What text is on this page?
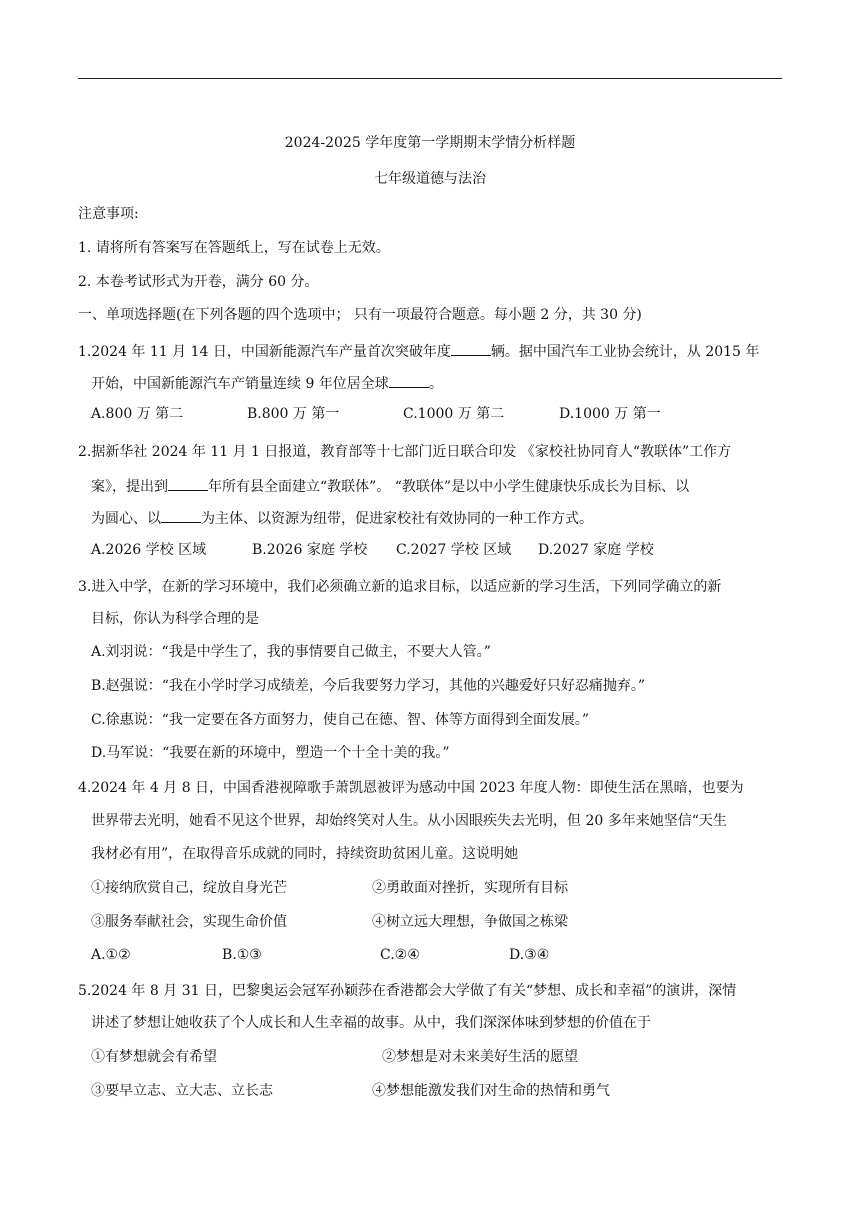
2024-2025 学年度第一学期期末学情分析样题
七年级道德与法治
注意事项:
1. 请将所有答案写在答题纸上，写在试卷上无效。
2. 本卷考试形式为开卷，满分 60 分。
一、单项选择题(在下列各题的四个选项中； 只有一项最符合题意。每小题 2 分，共 30 分)
1.2024 年 11 月 14 日，中国新能源汽车产量首次突破年度	辆。据中国汽车工业协会统计，从 2015 年
开始，中国新能源汽车产销量连续 9 年位居全球	。
A.800 万 第二	B.800 万 第一	C.1000 万 第二	D.1000 万 第一
2.据新华社 2024 年 11 月 1 日报道，教育部等十七部门近日联合印发 《家校社协同育人“教联体”工作方
案》，提出到	年所有县全面建立“教联体”。 “教联体”是以中小学生健康快乐成长为目标、以
为圆心、以	为主体、以资源为纽带，促进家校社有效协同的一种工作方式。
A.2026 学校 区域	B.2026 家庭 学校 C.2027 学校 区域 D.2027 家庭 学校
3.进入中学，在新的学习环境中，我们必须确立新的追求目标，以适应新的学习生活，下列同学确立的新
目标，你认为科学合理的是
A.刘羽说：“我是中学生了，我的事情要自己做主，不要大人管。”
B.赵强说：“我在小学时学习成绩差，今后我要努力学习，其他的兴趣爱好只好忍痛抛弃。”
C.徐惠说：“我一定要在各方面努力，使自己在德、智、体等方面得到全面发展。”
D.马军说：“我要在新的环境中，塑造一个十全十美的我。”
4.2024 年 4 月 8 日，中国香港视障歌手萧凯恩被评为感动中国 2023 年度人物：即使生活在黑暗，也要为
世界带去光明，她看不见这个世界，却始终笑对人生。从小因眼疾失去光明，但 20 多年来她坚信“天生
我材必有用”，在取得音乐成就的同时，持续资助贫困儿童。这说明她
①接纳欣赏自己，绽放自身光芒	②勇敢面对挫折，实现所有目标
③服务奉献社会，实现生命价值	④树立远大理想，争做国之栋梁
A.①②	B.①③	C.②④	D.③④
5.2024 年 8 月 31 日，巴黎奥运会冠军孙颖莎在香港都会大学做了有关“梦想、成长和幸福”的演讲，深情
讲述了梦想让她收获了个人成长和人生幸福的故事。从中，我们深深体味到梦想的价值在于
①有梦想就会有希望	②梦想是对未来美好生活的愿望
③要早立志、立大志、立长志	④梦想能激发我们对生命的热情和勇气
